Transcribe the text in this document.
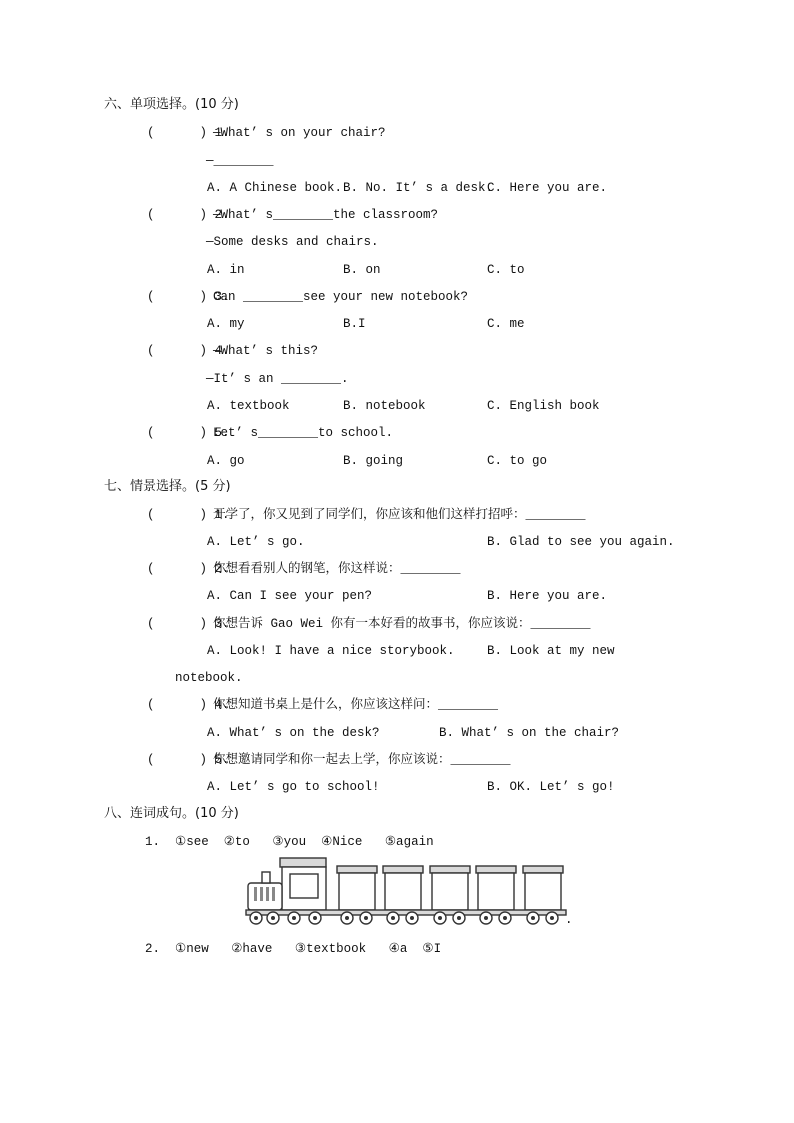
六、单项选择。(10 分)
(      ) 1.
—What’ s on your chair?
—________
A. A Chinese book. B. No. It’ s a desk.
C. Here you are.
(      ) 2.
—What’ s________the classroom?
—Some desks and chairs.
A. in	B. on	C. to
(      ) 3.
Can ________see your new notebook?
A. my	B.I	C. me
(      ) 4.
—What’ s this?
—It’ s an ________.
A. textbook	B. notebook	C. English book
(      ) 5.
Let’ s________to school.
A. go	B. going	C. to go
七、情景选择。(5 分)
(      ) 1.
开学了，你又见到了同学们，你应该和他们这样打招呼：________
A. Let’ s go.	B. Glad to see you again.
(      ) 2.
你想看看别人的钢笔，你这样说：________
A. Can I see your pen?	B. Here you are.
(      ) 3.
你想告诉 Gao Wei 你有一本好看的故事书，你应该说：________
A. Look! I have a nice storybook.	B. Look at my new
notebook.
(      ) 4.
你想知道书桌上是什么，你应该这样问：________
A. What’ s on the desk?	B. What’ s on the chair?
(      ) 5.
你想邀请同学和你一起去上学，你应该说：________
A. Let’ s go to school!	B. OK. Let’ s go!
八、连词成句。(10 分)
1.  ①see  ②to   ③you  ④Nice   ⑤again
.
2.  ①new   ②have   ③textbook   ④a  ⑤I
